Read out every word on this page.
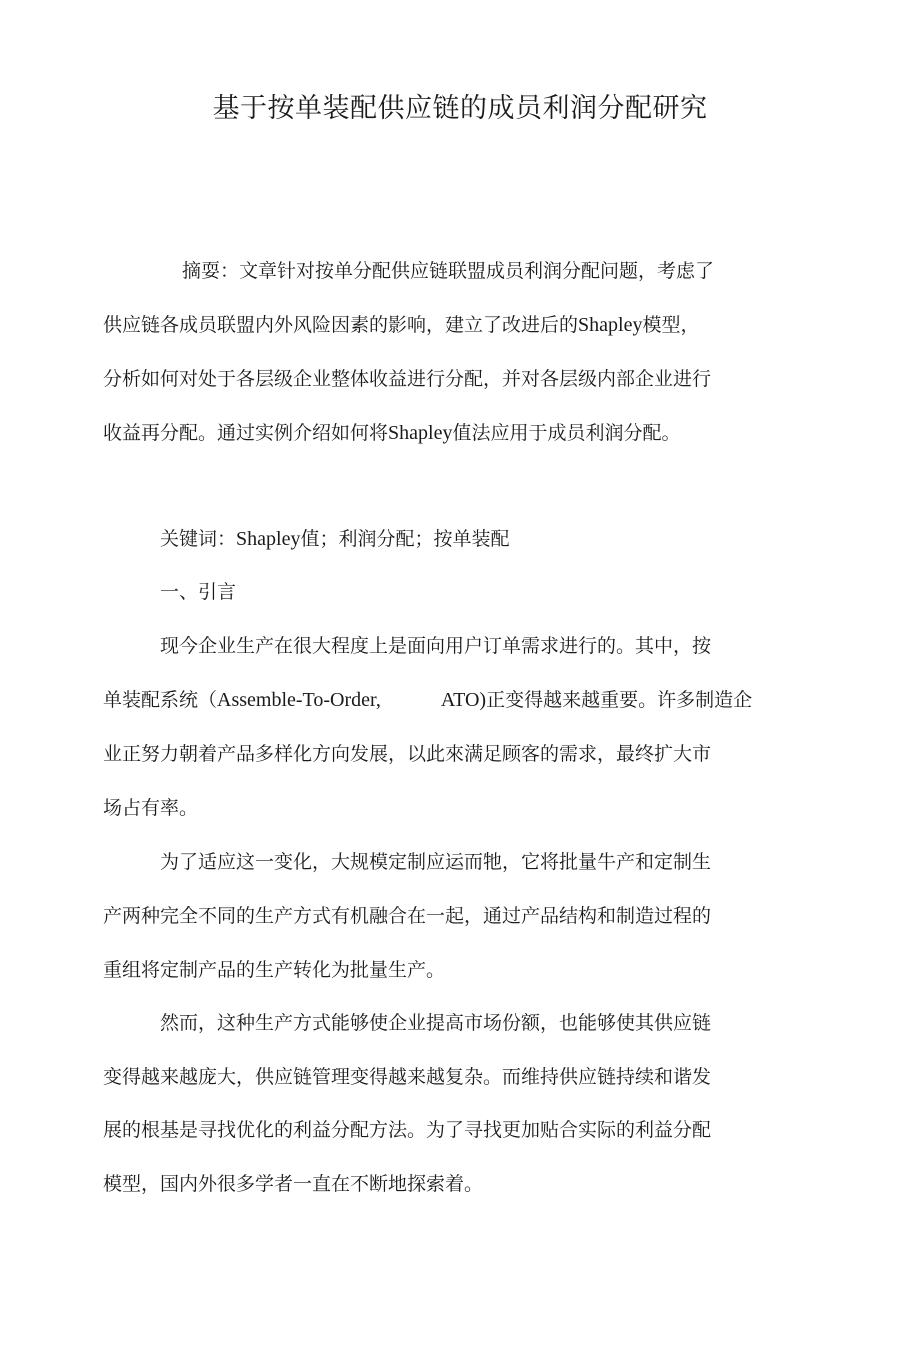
基于按单装配供应链的成员利润分配研究
摘耍：文章针对按单分配供应链联盟成员利润分配问题，考虑了
供应链各成员联盟内外风险因素的影响，建立了改进后的Shapley模型，
分析如何对处于各层级企业整体收益进行分配，并对各层级内部企业进行
收益再分配。通过实例介绍如何将Shapley值法应用于成员利润分配。
关键词：Shapley值；利润分配；按单装配
一、引言
现今企业生产在很大程度上是面向用户订单需求进行的。其中，按
单装配系统（Assemble-To-Order,	ATO)正变得越来越重要。许多制造企
业正努力朝着产品多样化方向发展，以此來满足顾客的需求，最终扩大市
场占有率。
为了适应这一变化，大规模定制应运而牠，它将批量牛产和定制生
产两种完全不同的生产方式有机融合在一起，通过产品结构和制造过程的
重组将定制产品的生产转化为批量生产。
然而，这种生产方式能够使企业提高市场份额，也能够使其供应链
变得越来越庞大，供应链管理变得越来越复杂。而维持供应链持续和谐发
展的根基是寻找优化的利益分配方法。为了寻找更加贴合实际的利益分配
模型，国内外很多学者一直在不断地探索着。
